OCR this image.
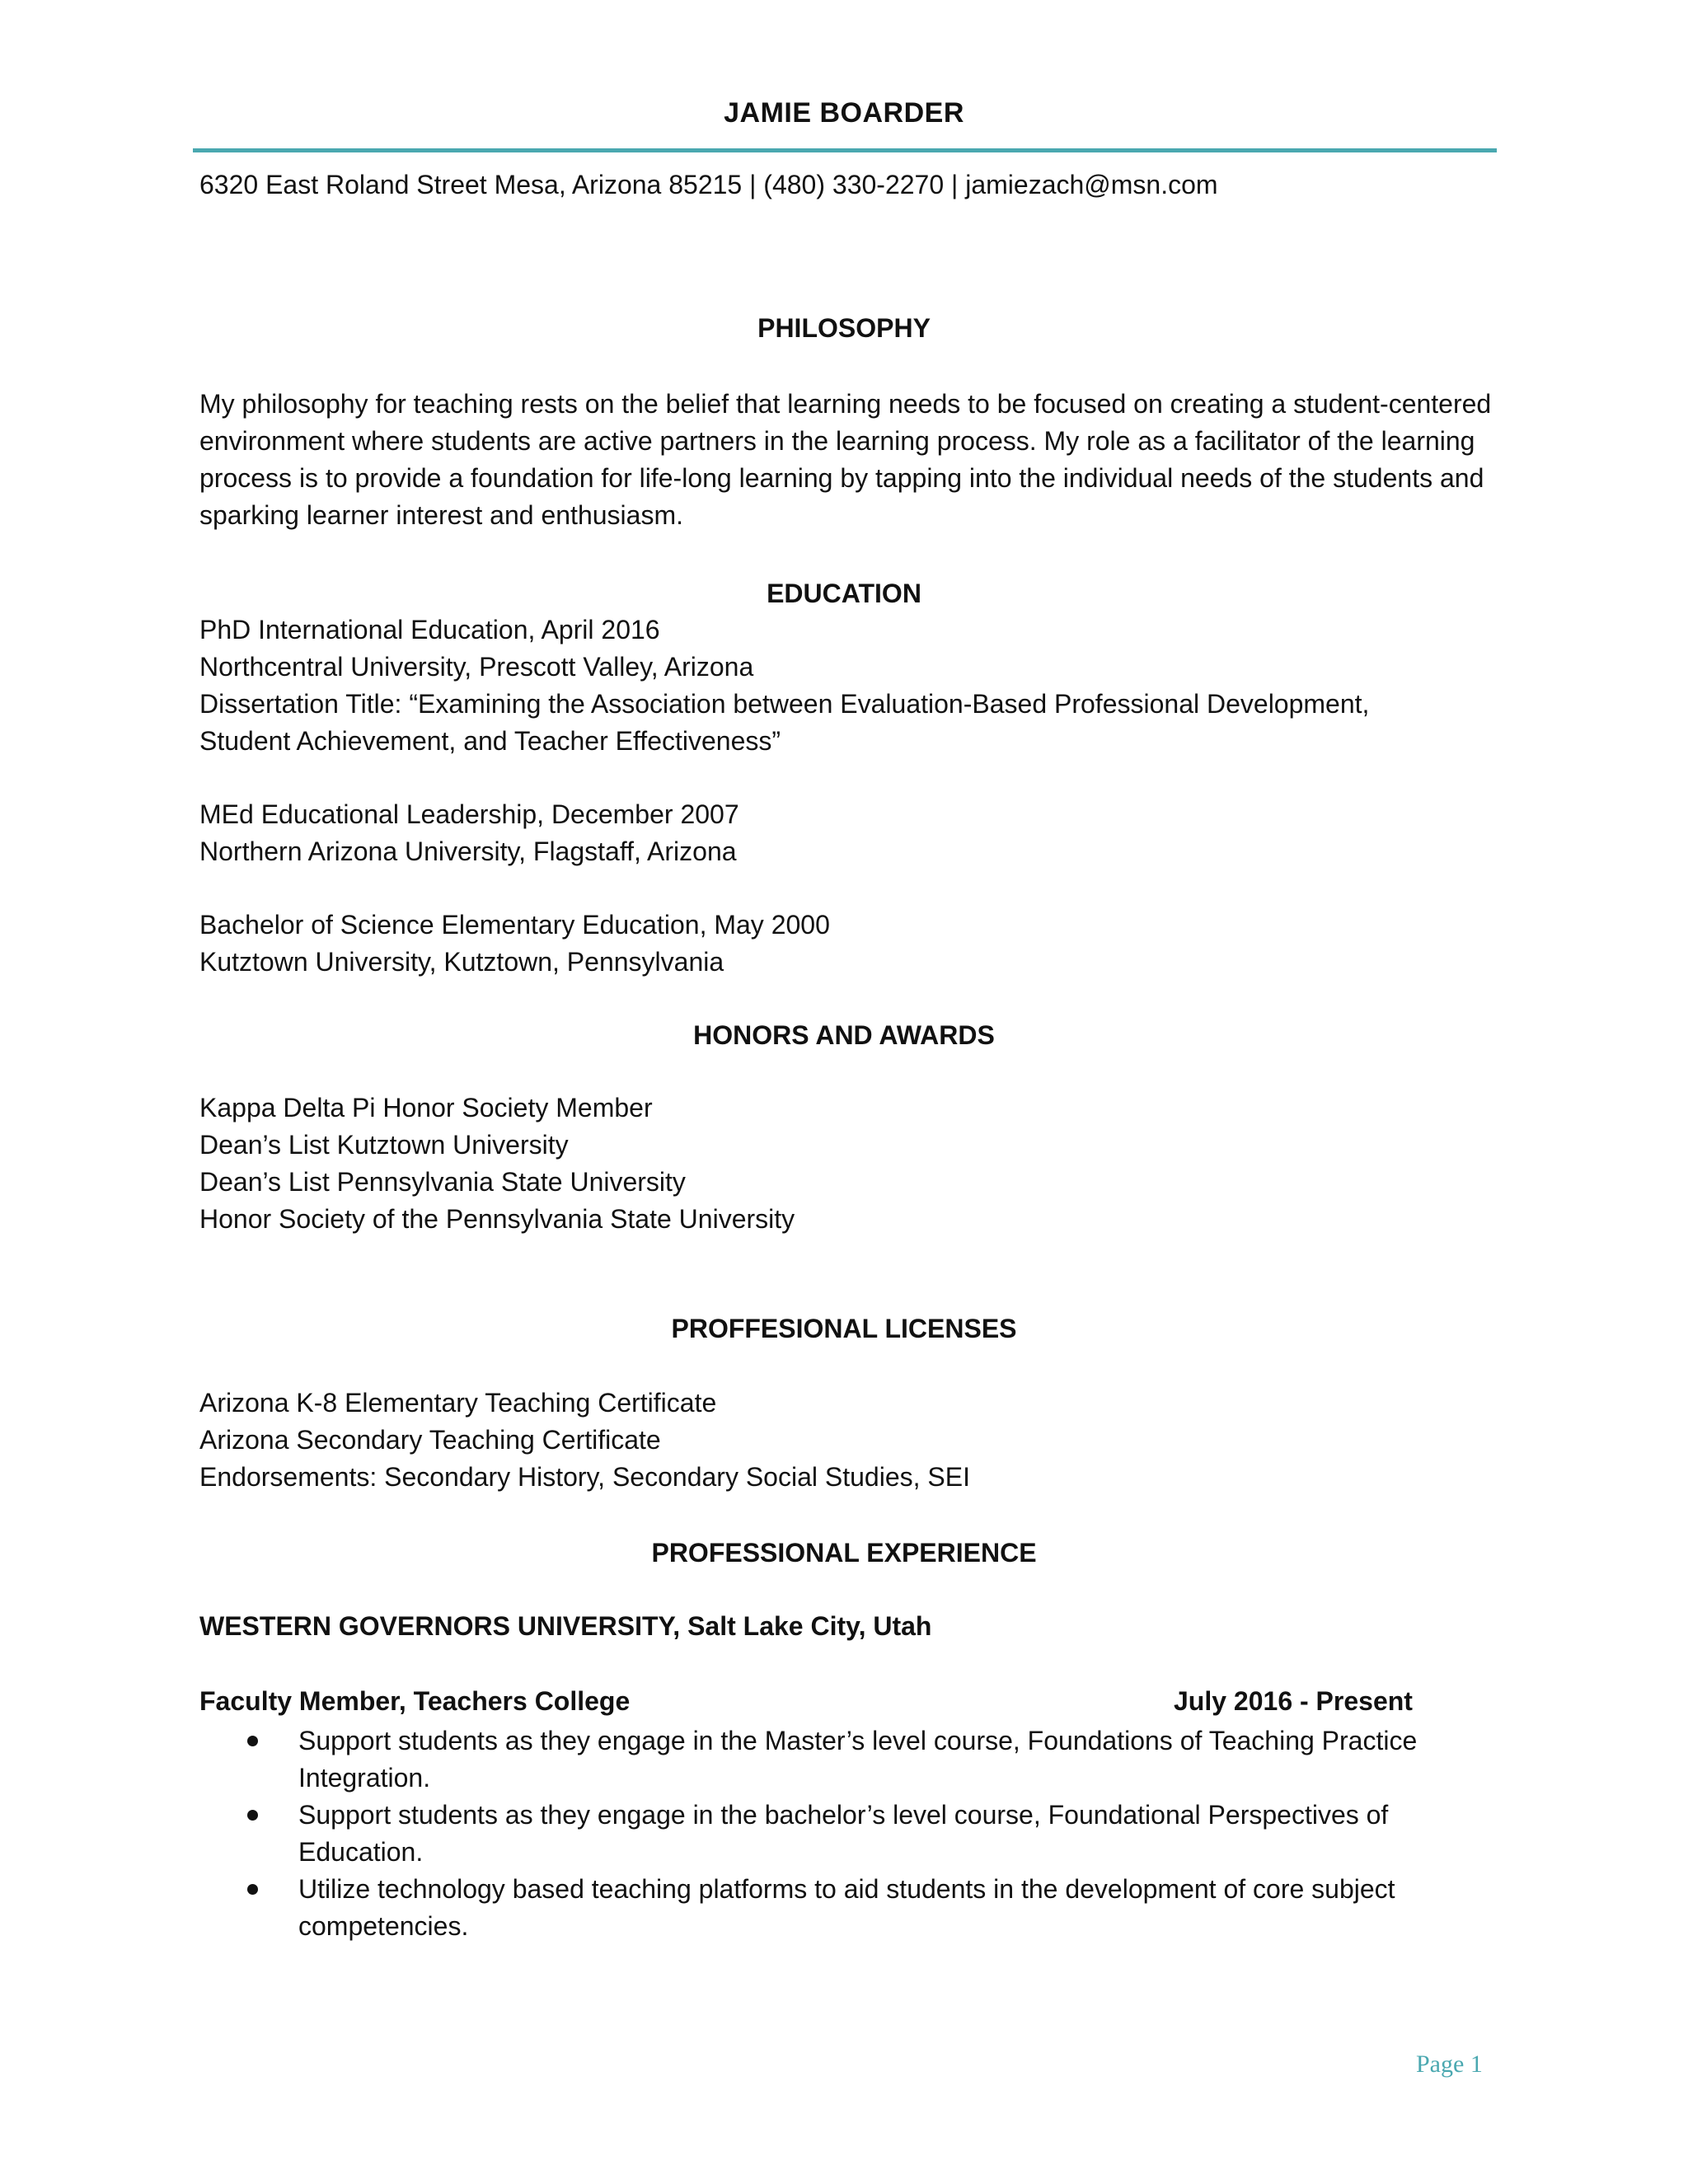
JAMIE BOARDER
6320 East Roland Street Mesa, Arizona 85215 | (480) 330-2270 | jamiezach@msn.com
PHILOSOPHY
My philosophy for teaching rests on the belief that learning needs to be focused on creating a student-centered environment where students are active partners in the learning process. My role as a facilitator of the learning process is to provide a foundation for life-long learning by tapping into the individual needs of the students and sparking learner interest and enthusiasm.
EDUCATION
PhD International Education, April 2016
Northcentral University, Prescott Valley, Arizona
Dissertation Title: “Examining the Association between Evaluation-Based Professional Development,
Student Achievement, and Teacher Effectiveness”
MEd Educational Leadership, December 2007
Northern Arizona University, Flagstaff, Arizona
Bachelor of Science Elementary Education, May 2000
Kutztown University, Kutztown, Pennsylvania
HONORS AND AWARDS
Kappa Delta Pi Honor Society Member
Dean’s List Kutztown University
Dean’s List Pennsylvania State University
Honor Society of the Pennsylvania State University
PROFFESIONAL LICENSES
Arizona K-8 Elementary Teaching Certificate
Arizona Secondary Teaching Certificate
Endorsements: Secondary History, Secondary Social Studies, SEI
PROFESSIONAL EXPERIENCE
WESTERN GOVERNORS UNIVERSITY, Salt Lake City, Utah
Faculty Member, Teachers College	July 2016 - Present
Support students as they engage in the Master’s level course, Foundations of Teaching Practice Integration.
Support students as they engage in the bachelor’s level course, Foundational Perspectives of Education.
Utilize technology based teaching platforms to aid students in the development of core subject competencies.
Page 1
